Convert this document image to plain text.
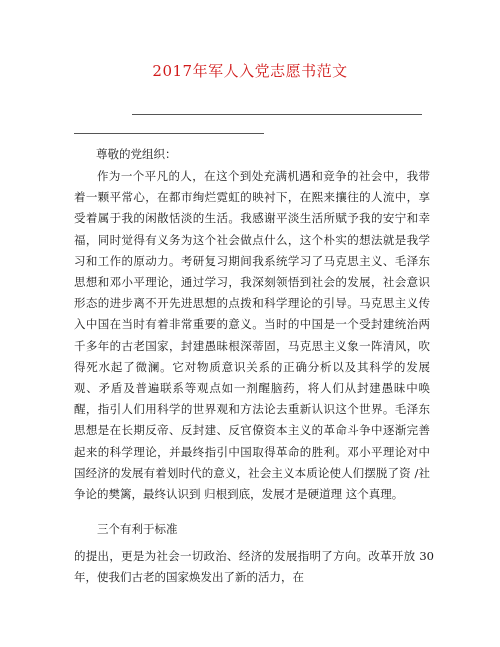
2017年军人入党志愿书范文

尊敬的党组织：

作为一个平凡的人，在这个到处充满机遇和竞争的社会中，我带着一颗平常心，在都市绚烂霓虹的映衬下，在熙来攘往的人流中，享受着属于我的闲散恬淡的生活。我感谢平淡生活所赋予我的安宁和幸福，同时觉得有义务为这个社会做点什么，这个朴实的想法就是我学习和工作的原动力。考研复习期间我系统学习了马克思主义、毛泽东思想和邓小平理论，通过学习，我深刻领悟到社会的发展，社会意识形态的进步离不开先进思想的点拨和科学理论的引导。马克思主义传入中国在当时有着非常重要的意义。当时的中国是一个受封建统治两千多年的古老国家，封建愚昧根深蒂固，马克思主义象一阵清风，吹得死水起了微澜。它对物质意识关系的正确分析以及其科学的发展观、矛盾及普遍联系等观点如一剂醒脑药，将人们从封建愚昧中唤醒，指引人们用科学的世界观和方法论去重新认识这个世界。毛泽东思想是在长期反帝、反封建、反官僚资本主义的革命斗争中逐渐完善起来的科学理论，并最终指引中国取得革命的胜利。邓小平理论对中国经济的发展有着划时代的意义，社会主义本质论使人们摆脱了资 /社争论的樊篱，最终认识到 归根到底，发展才是硬道理 这个真理。

三个有利于标准

的提出，更是为社会一切政治、经济的发展指明了方向。改革开放 30 年，使我们古老的国家焕发出了新的活力，在
